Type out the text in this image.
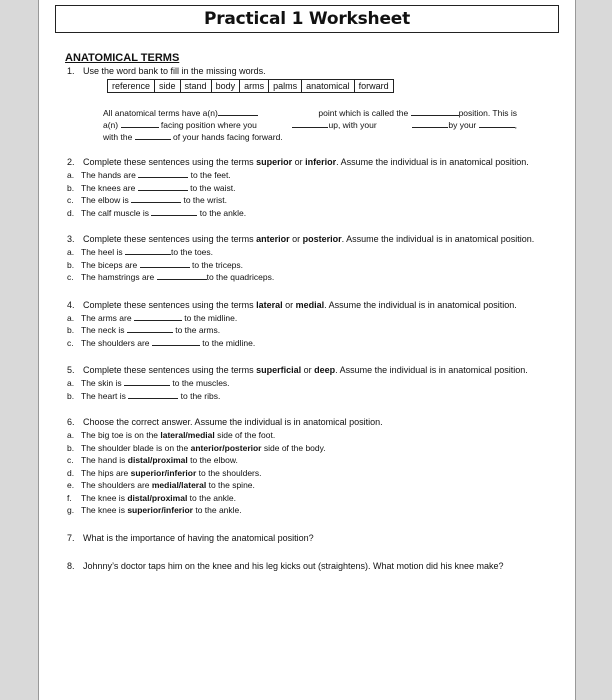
Practical 1 Worksheet
ANATOMICAL TERMS
1. Use the word bank to fill in the missing words.
reference	side	stand	body	arms	palms	anatomical	forward
All anatomical terms have a(n)	point which is called the	position. This is
a(n)	facing position where you	up, with your	by your	,
with the	of your hands facing forward.
2. Complete these sentences using the terms superior or inferior. Assume the individual is in anatomical position.
a. The hands are

	to the feet.
b. The knees are

	to the waist.
c. The elbow is

	to the wrist.
d. The calf muscle is

	to the ankle.
3. Complete these sentences using the terms anterior or posterior. Assume the individual is in anatomical position.
a. The heel is
	to the toes.
b. The biceps are

	to the triceps.
c. The hamstrings are
	to the quadriceps.
4. Complete these sentences using the terms lateral or medial. Assume the individual is in anatomical position.
a. The arms are

	to the midline.
b. The neck is

	to the arms.
c. The shoulders are

	to the midline.
5. Complete these sentences using the terms superficial or deep. Assume the individual is in anatomical position.
a. The skin is

	to the muscles.
b. The heart is

	to the ribs.
6. Choose the correct answer. Assume the individual is in anatomical position.
a. The big toe is on the lateral/medial side of the foot.
b. The shoulder blade is on the anterior/posterior side of the body.
c. The hand is distal/proximal to the elbow.
d. The hips are superior/inferior to the shoulders.
e. The shoulders are medial/lateral to the spine.
f.	The knee is distal/proximal to the ankle.
g. The knee is superior/inferior to the ankle.
7. What is the importance of having the anatomical position?
8. Johnny’s doctor taps him on the knee and his leg kicks out (straightens). What motion did his knee make?
